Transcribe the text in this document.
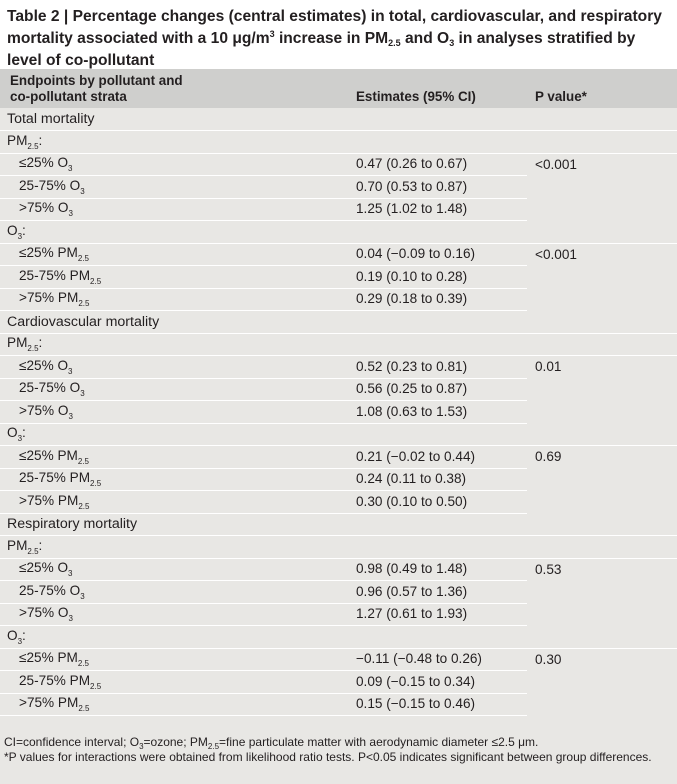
Table 2 | Percentage changes (central estimates) in total, cardiovascular, and respiratory
mortality associated with a 10 $\mu g/m^3$ increase in $PM_{2.5}$ and $O_3$ in analyses stratified by
level of co-pollutant
Endpoints by pollutant and
co-pollutant strata	Estimates (95% CI)	P value*
Total mortality		
$PM_{2.5}$:		
≤25% $O_3$	0.47 (0.26 to 0.67)	<0.001
25-75% $O_3$	0.70 (0.53 to 0.87)	
>75% $O_3$	1.25 (1.02 to 1.48)	
$O_3$:		
≤25% $PM_{2.5}$	0.04 (−0.09 to 0.16)	<0.001
25-75% $PM_{2.5}$	0.19 (0.10 to 0.28)	
>75% $PM_{2.5}$	0.29 (0.18 to 0.39)	
Cardiovascular mortality		
$PM_{2.5}$:		
≤25% $O_3$	0.52 (0.23 to 0.81)	0.01
25-75% $O_3$	0.56 (0.25 to 0.87)	
>75% $O_3$	1.08 (0.63 to 1.53)	
$O_3$:		
≤25% $PM_{2.5}$	0.21 (−0.02 to 0.44)	0.69
25-75% $PM_{2.5}$	0.24 (0.11 to 0.38)	
>75% $PM_{2.5}$	0.30 (0.10 to 0.50)	
Respiratory mortality		
$PM_{2.5}$:		
≤25% $O_3$	0.98 (0.49 to 1.48)	0.53
25-75% $O_3$	0.96 (0.57 to 1.36)	
>75% $O_3$	1.27 (0.61 to 1.93)	
$O_3$:		
≤25% $PM_{2.5}$	−0.11 (−0.48 to 0.26)	0.30
25-75% $PM_{2.5}$	0.09 (−0.15 to 0.34)	
>75% $PM_{2.5}$	0.15 (−0.15 to 0.46)	
CI=confidence interval; $O_3=ozone$; $PM_{2.5}=fine$ particulate matter with aerodynamic diameter ≤2.5 μm.
*P values for interactions were obtained from likelihood ratio tests. P<0.05 indicates significant between group differences.
